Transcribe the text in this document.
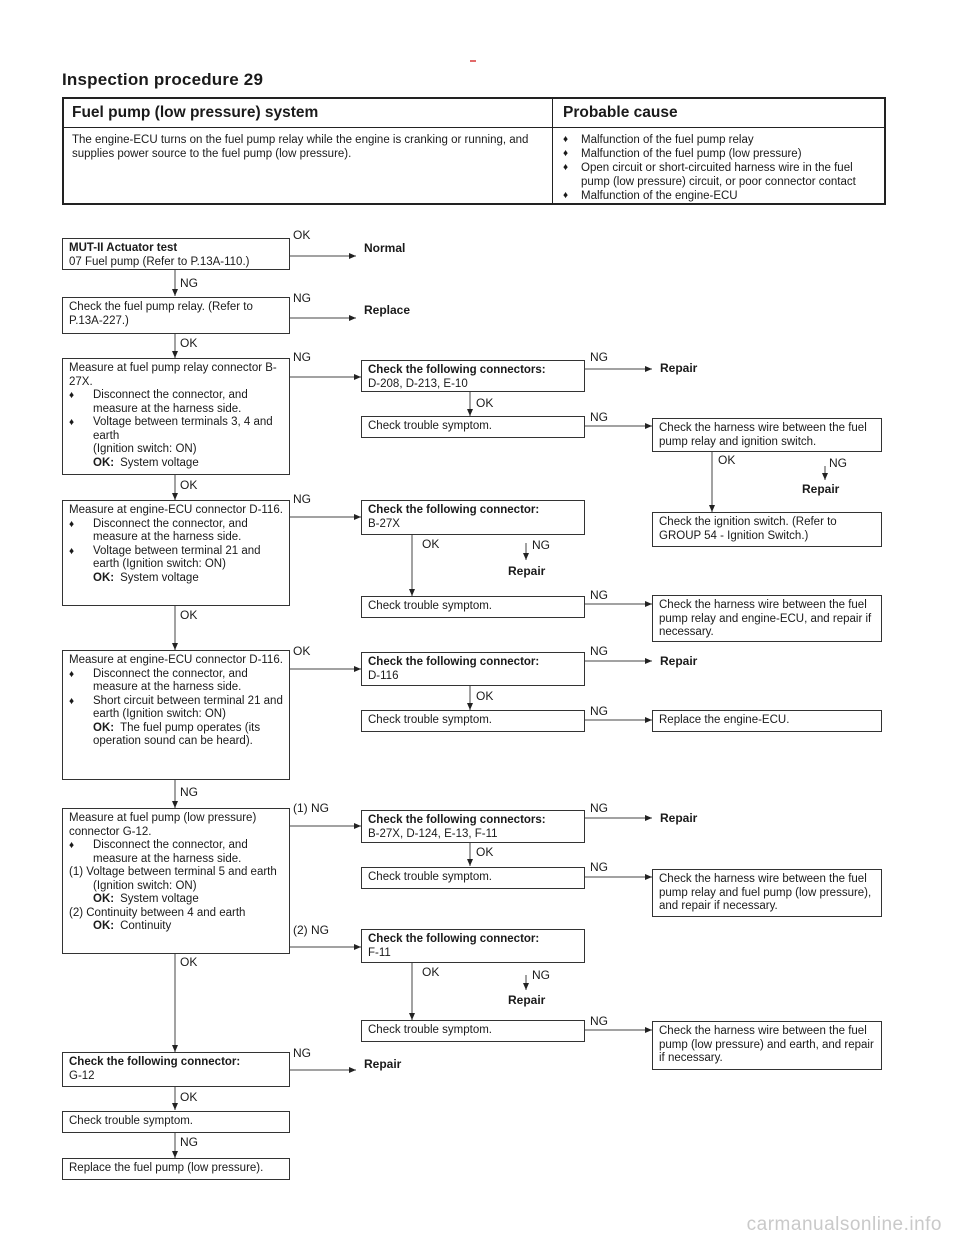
Inspection procedure 29
Fuel pump (low pressure) system	Probable cause
The engine-ECU turns on the fuel pump relay while the engine is cranking or running, and supplies power source to the fuel pump (low pressure).
♦ Malfunction of the fuel pump relay
♦ Malfunction of the fuel pump (low pressure)
♦ Open circuit or short-circuited harness wire in the fuel pump (low pressure) circuit, or poor connector contact
♦ Malfunction of the engine-ECU
MUT-II Actuator test
07 Fuel pump (Refer to P.13A-110.)
Check the fuel pump relay. (Refer to P.13A-227.)
Measure at fuel pump relay connector B-27X.
♦ Disconnect the connector, and measure at the harness side.
♦ Voltage between terminals 3, 4 and earth
(Ignition switch: ON)
OK: System voltage
Measure at engine-ECU connector D-116.
♦ Disconnect the connector, and measure at the harness side.
♦ Voltage between terminal 21 and earth (Ignition switch: ON)
OK: System voltage
Measure at engine-ECU connector D-116.
♦ Disconnect the connector, and measure at the harness side.
♦ Short circuit between terminal 21 and earth (Ignition switch: ON)
OK: The fuel pump operates (its operation sound can be heard).
Measure at fuel pump (low pressure) connector G-12.
♦ Disconnect the connector, and measure at the harness side.
(1) Voltage between terminal 5 and earth
(Ignition switch: ON)
OK: System voltage
(2) Continuity between 4 and earth
OK: Continuity
Check the following connector:
G-12
Check trouble symptom.
Replace the fuel pump (low pressure).
Check the following connectors:
D-208, D-213, E-10
Check trouble symptom.
Check the following connector:
B-27X
Check trouble symptom.
Check the following connector:
D-116
Check trouble symptom.
Check the following connectors:
B-27X, D-124, E-13, F-11
Check trouble symptom.
Check the following connector:
F-11
Check trouble symptom.
Check the harness wire between the fuel pump relay and ignition switch.
Check the ignition switch. (Refer to GROUP 54 - Ignition Switch.)
Check the harness wire between the fuel pump relay and engine-ECU, and repair if necessary.
Replace the engine-ECU.
Check the harness wire between the fuel pump relay and fuel pump (low pressure), and repair if necessary.
Check the harness wire between the fuel pump (low pressure) and earth, and repair if necessary.
OK
NG
NG
OK
NG	NG
OK
NG
OK	NG
OK
NG
OK	NG
NG
OK
OK	NG
OK
NG
NG
(1) NG	NG
OK
NG
(2) NG
OK
OK	NG
NG
NG
OK
NG
Normal
Replace
Repair
Repair
Repair
Repair
Repair
Repair
Repair
carmanualsonline.info
